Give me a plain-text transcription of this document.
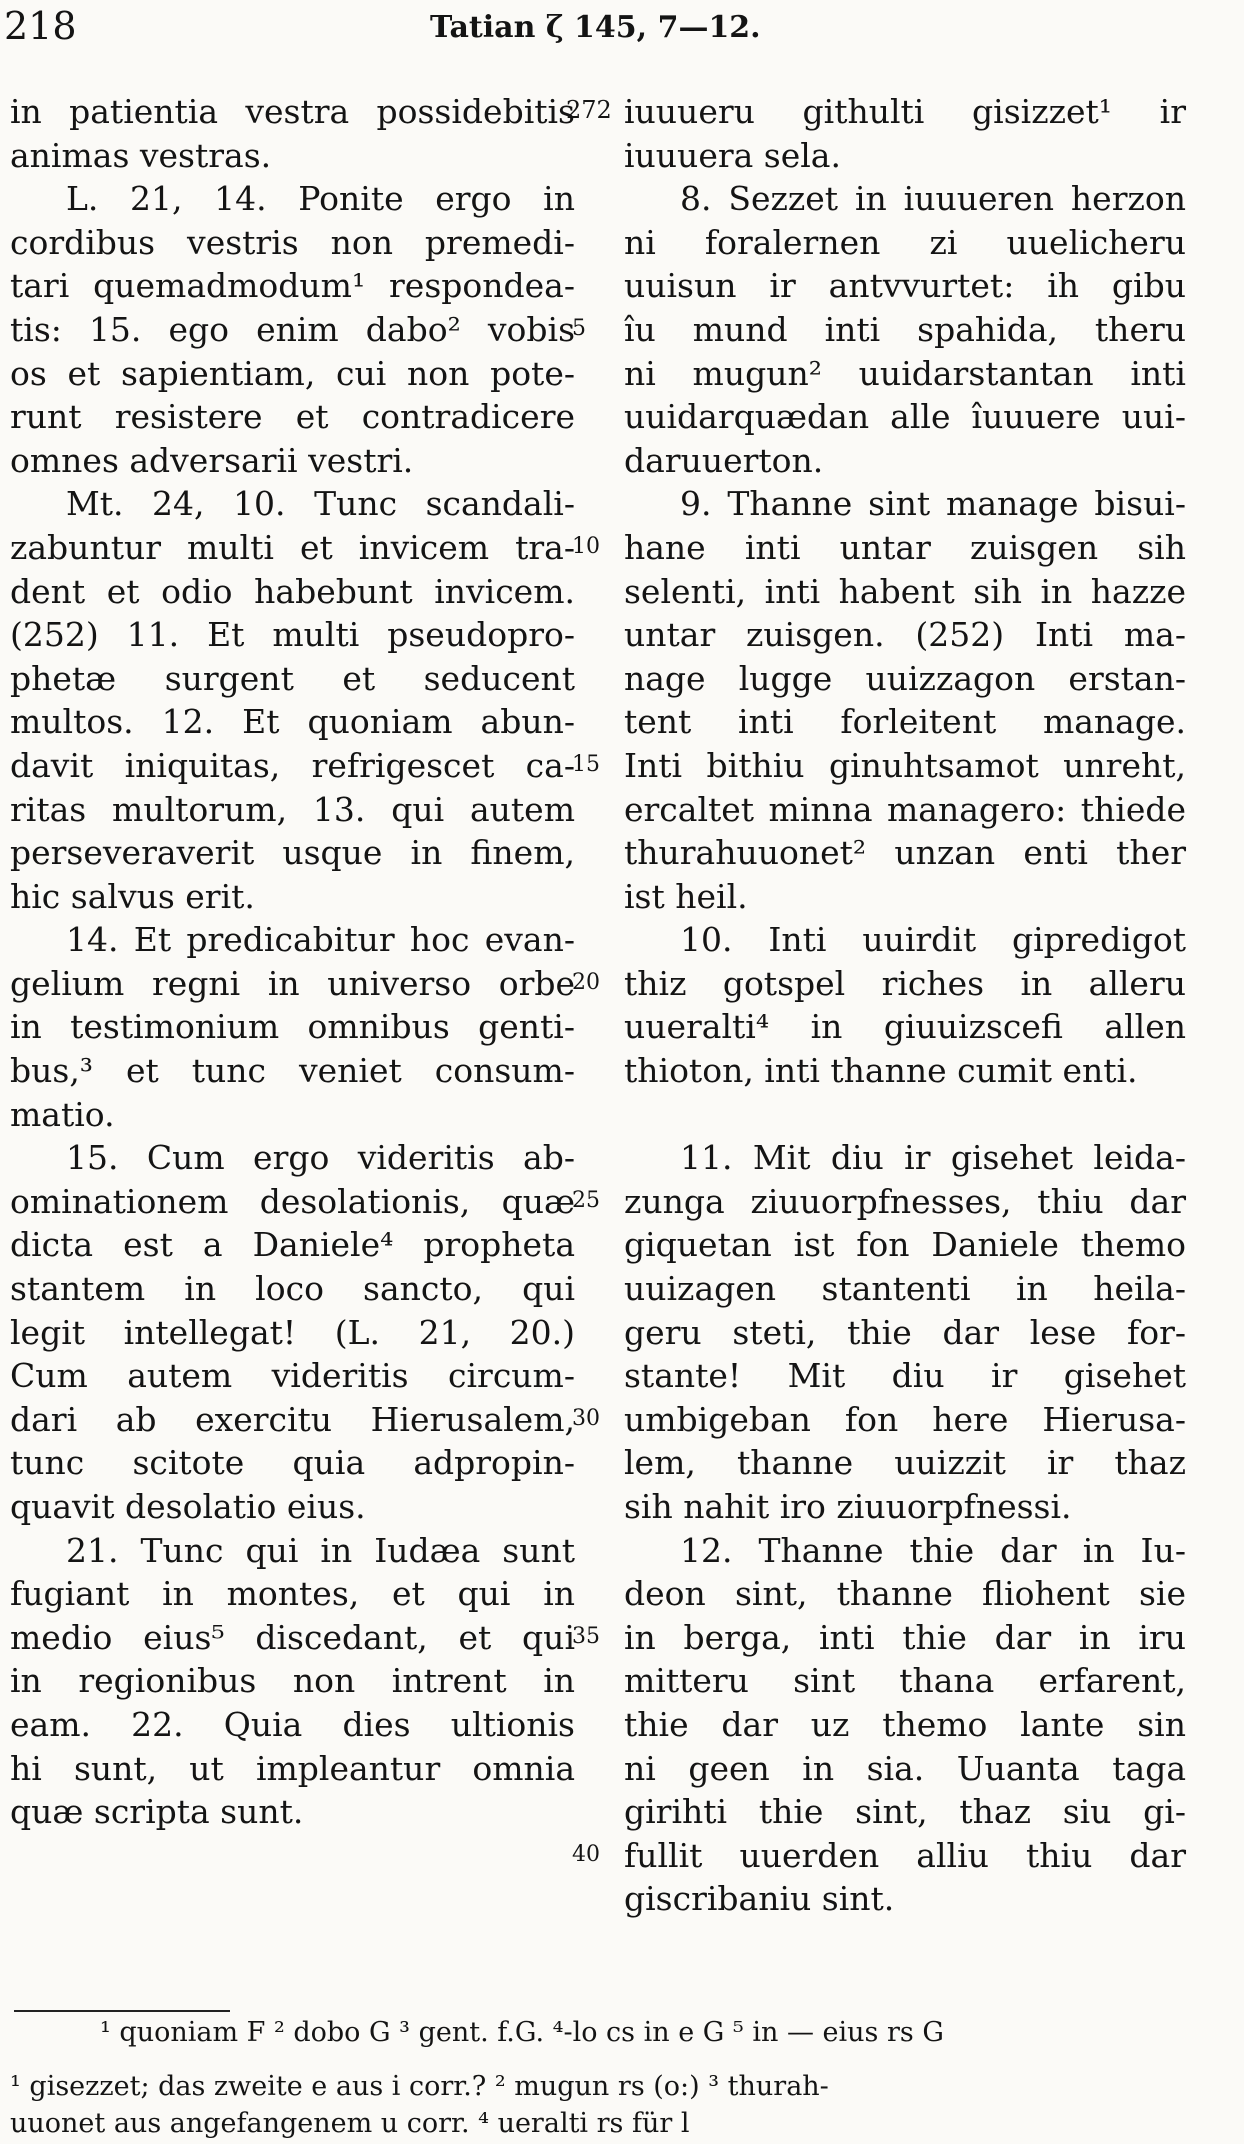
218	Tatian ζ 145, 7—12.
in patientia vestra possidebitis
animas vestras.
L. 21, 14. Ponite ergo in
cordibus vestris non premedi-
tari quemadmodum¹ respondea-
tis: 15. ego enim dabo² vobis
os et sapientiam, cui non pote-
runt resistere et contradicere
omnes adversarii vestri.
Mt. 24, 10. Tunc scandali-
zabuntur multi et invicem tra-
dent et odio habebunt invicem.
(252) 11. Et multi pseudopro-
phetæ surgent et seducent
multos. 12. Et quoniam abun-
davit iniquitas, refrigescet ca-
ritas multorum, 13. qui autem
perseveraverit usque in finem,
hic salvus erit.
14. Et predicabitur hoc evan-
gelium regni in universo orbe
in testimonium omnibus genti-
bus,³ et tunc veniet consum-
matio.
15. Cum ergo videritis ab-
ominationem desolationis, quæ
dicta est a Daniele⁴ propheta
stantem in loco sancto, qui
legit intellegat! (L. 21, 20.)
Cum autem videritis circum-
dari ab exercitu Hierusalem,
tunc scitote quia adpropin-
quavit desolatio eius.
21. Tunc qui in Iudæa sunt
fugiant in montes, et qui in
medio eius⁵ discedant, et qui
in regionibus non intrent in
eam. 22. Quia dies ultionis
hi sunt, ut impleantur omnia
quæ scripta sunt.
iuuueru githulti gisizzet¹ ir
iuuuera sela.
8. Sezzet in iuuueren herzon
ni foralernen zi uuelicheru
uuisun ir antvvurtet: ih gibu
îu mund inti spahida, theru
ni mugun² uuidarstantan inti
uuidarquædan alle îuuuere uui-
daruuerton.
9. Thanne sint manage bisui-
hane inti untar zuisgen sih
selenti, inti habent sih in hazze
untar zuisgen. (252) Inti ma-
nage lugge uuizzagon erstan-
tent inti forleitent manage.
Inti bithiu ginuhtsamot unreht,
ercaltet minna managero: thiede
thurahuuonet² unzan enti ther
ist heil.
10. Inti uuirdit gipredigot
thiz gotspel riches in alleru
uueralti⁴ in giuuizscefi allen
thioton, inti thanne cumit enti.
11. Mit diu ir gisehet leida-
zunga ziuuorpfnesses, thiu dar
giquetan ist fon Daniele themo
uuizagen stantenti in heila-
geru steti, thie dar lese for-
stante! Mit diu ir gisehet
umbigeban fon here Hierusa-
lem, thanne uuizzit ir thaz
sih nahit iro ziuuorpfnessi.
12. Thanne thie dar in Iu-
deon sint, thanne fliohent sie
in berga, inti thie dar in iru
mitteru sint thana erfarent,
thie dar uz themo lante sin
ni geen in sia. Uuanta taga
girihti thie sint, thaz siu gi-
fullit uuerden alliu thiu dar
giscribaniu sint.
272
5
10
15
20
25
30
35
40
¹ quoniam F ² dobo G ³ gent. f.G. ⁴-lo cs in e G ⁵ in — eius rs G
¹ gisezzet; das zweite e aus i corr.? ² mugun rs (o:) ³ thurah-
uuonet aus angefangenem u corr. ⁴ ueralti rs für l
